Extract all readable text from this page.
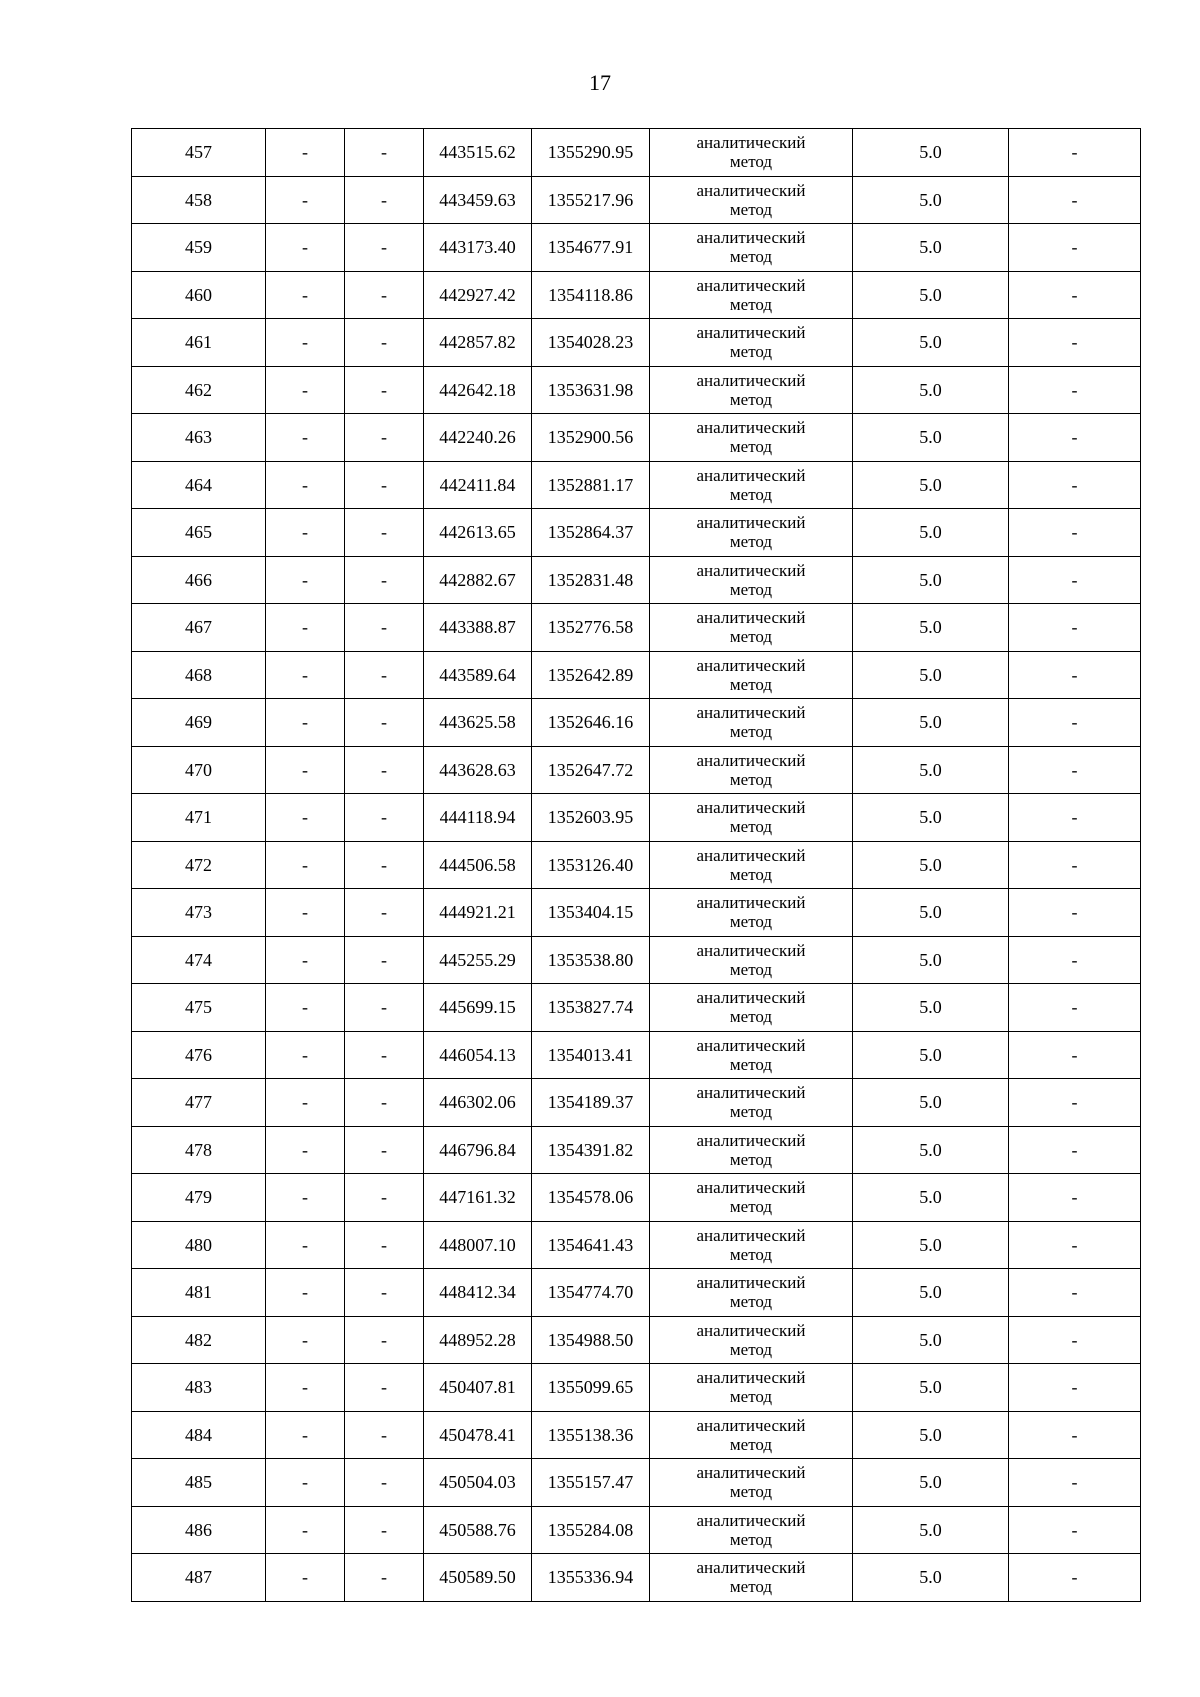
17
457	-	-	443515.62	1355290.95	аналитический
метод	5.0	-
458	-	-	443459.63	1355217.96	аналитический
метод	5.0	-
459	-	-	443173.40	1354677.91	аналитический
метод	5.0	-
460	-	-	442927.42	1354118.86	аналитический
метод	5.0	-
461	-	-	442857.82	1354028.23	аналитический
метод	5.0	-
462	-	-	442642.18	1353631.98	аналитический
метод	5.0	-
463	-	-	442240.26	1352900.56	аналитический
метод	5.0	-
464	-	-	442411.84	1352881.17	аналитический
метод	5.0	-
465	-	-	442613.65	1352864.37	аналитический
метод	5.0	-
466	-	-	442882.67	1352831.48	аналитический
метод	5.0	-
467	-	-	443388.87	1352776.58	аналитический
метод	5.0	-
468	-	-	443589.64	1352642.89	аналитический
метод	5.0	-
469	-	-	443625.58	1352646.16	аналитический
метод	5.0	-
470	-	-	443628.63	1352647.72	аналитический
метод	5.0	-
471	-	-	444118.94	1352603.95	аналитический
метод	5.0	-
472	-	-	444506.58	1353126.40	аналитический
метод	5.0	-
473	-	-	444921.21	1353404.15	аналитический
метод	5.0	-
474	-	-	445255.29	1353538.80	аналитический
метод	5.0	-
475	-	-	445699.15	1353827.74	аналитический
метод	5.0	-
476	-	-	446054.13	1354013.41	аналитический
метод	5.0	-
477	-	-	446302.06	1354189.37	аналитический
метод	5.0	-
478	-	-	446796.84	1354391.82	аналитический
метод	5.0	-
479	-	-	447161.32	1354578.06	аналитический
метод	5.0	-
480	-	-	448007.10	1354641.43	аналитический
метод	5.0	-
481	-	-	448412.34	1354774.70	аналитический
метод	5.0	-
482	-	-	448952.28	1354988.50	аналитический
метод	5.0	-
483	-	-	450407.81	1355099.65	аналитический
метод	5.0	-
484	-	-	450478.41	1355138.36	аналитический
метод	5.0	-
485	-	-	450504.03	1355157.47	аналитический
метод	5.0	-
486	-	-	450588.76	1355284.08	аналитический
метод	5.0	-
487	-	-	450589.50	1355336.94	аналитический
метод	5.0	-
